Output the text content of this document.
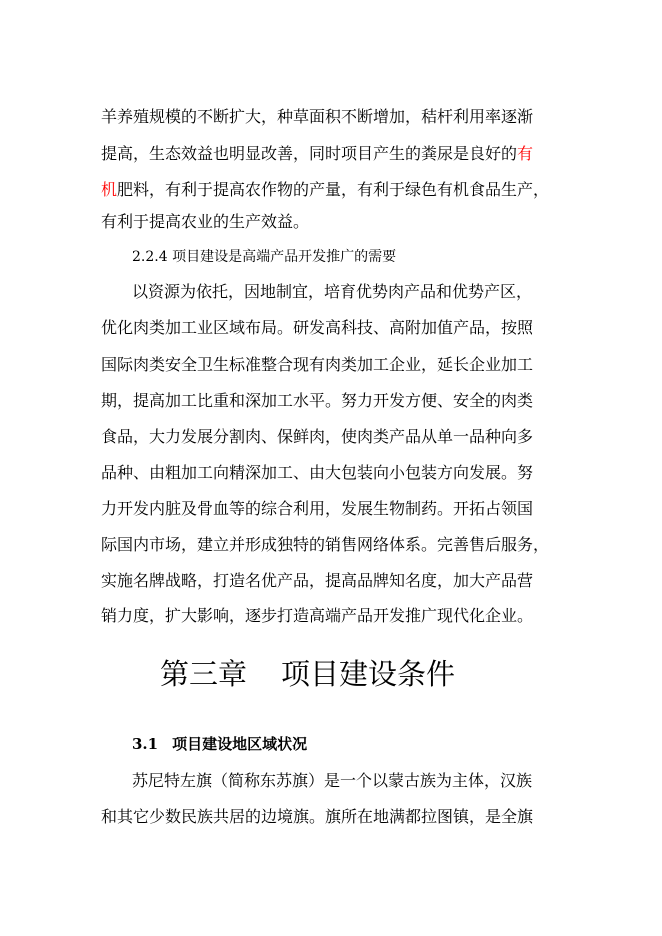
羊养殖规模的不断扩大，种草面积不断增加，秸杆利用率逐渐
提高，生态效益也明显改善，同时项目产生的粪尿是良好的有
机肥料，有利于提高农作物的产量，有利于绿色有机食品生产，
有利于提高农业的生产效益。
2.2.4 项目建设是高端产品开发推广的需要
以资源为依托，因地制宜，培育优势肉产品和优势产区，
优化肉类加工业区域布局。研发高科技、高附加值产品，按照
国际肉类安全卫生标准整合现有肉类加工企业，延长企业加工
期，提高加工比重和深加工水平。努力开发方便、安全的肉类
食品，大力发展分割肉、保鲜肉，使肉类产品从单一品种向多
品种、由粗加工向精深加工、由大包装向小包装方向发展。努
力开发内脏及骨血等的综合利用，发展生物制药。开拓占领国
际国内市场，建立并形成独特的销售网络体系。完善售后服务，
实施名牌战略，打造名优产品，提高品牌知名度，加大产品营
销力度，扩大影响，逐步打造高端产品开发推广现代化企业。
第三章 项目建设条件
3.1 项目建设地区域状况
苏尼特左旗（简称东苏旗）是一个以蒙古族为主体，汉族
和其它少数民族共居的边境旗。旗所在地满都拉图镇，是全旗
